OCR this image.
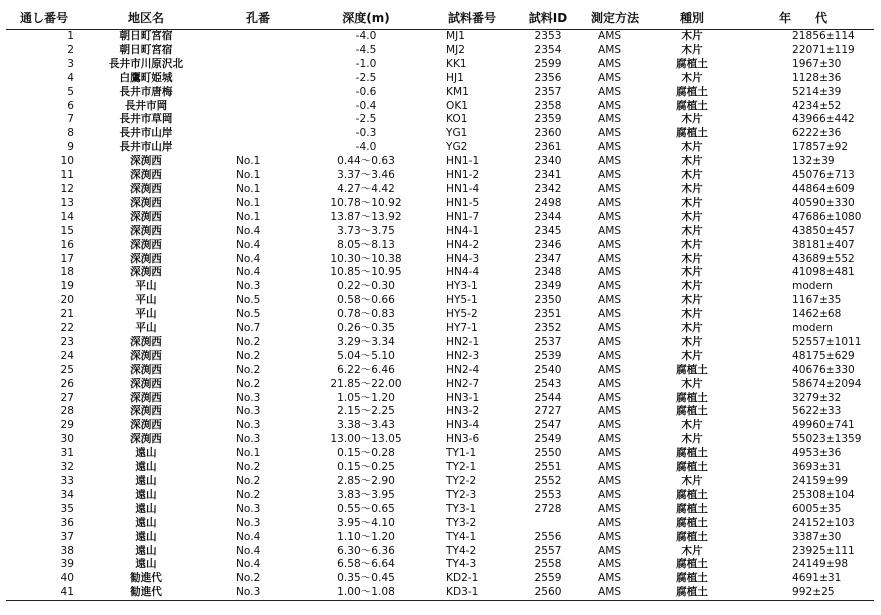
通し番号	地区名	孔番	深度(m)	試料番号	試料ID	測定方法	種別	年　　代
1	朝日町宮宿		-4.0	MJ1	2353	AMS	木片	21856±114
2	朝日町宮宿		-4.5	MJ2	2354	AMS	木片	22071±119
3	長井市川原沢北		-1.0	KK1	2599	AMS	腐植土	1967±30
4	白鷹町姫城		-2.5	HJ1	2356	AMS	木片	1128±36
5	長井市唐梅		-0.6	KM1	2357	AMS	腐植土	5214±39
6	長井市岡		-0.4	OK1	2358	AMS	腐植土	4234±52
7	長井市草岡		-2.5	KO1	2359	AMS	木片	43966±442
8	長井市山岸		-0.3	YG1	2360	AMS	腐植土	6222±36
9	長井市山岸		-4.0	YG2	2361	AMS	木片	17857±92
10	深渕西	No.1	0.44～0.63	HN1-1	2340	AMS	木片	132±39
11	深渕西	No.1	3.37～3.46	HN1-2	2341	AMS	木片	45076±713
12	深渕西	No.1	4.27～4.42	HN1-4	2342	AMS	木片	44864±609
13	深渕西	No.1	10.78～10.92	HN1-5	2498	AMS	木片	40590±330
14	深渕西	No.1	13.87～13.92	HN1-7	2344	AMS	木片	47686±1080
15	深渕西	No.4	3.73～3.75	HN4-1	2345	AMS	木片	43850±457
16	深渕西	No.4	8.05～8.13	HN4-2	2346	AMS	木片	38181±407
17	深渕西	No.4	10.30～10.38	HN4-3	2347	AMS	木片	43689±552
18	深渕西	No.4	10.85～10.95	HN4-4	2348	AMS	木片	41098±481
19	平山	No.3	0.22～0.30	HY3-1	2349	AMS	木片	modern
20	平山	No.5	0.58～0.66	HY5-1	2350	AMS	木片	1167±35
21	平山	No.5	0.78～0.83	HY5-2	2351	AMS	木片	1462±68
22	平山	No.7	0.26～0.35	HY7-1	2352	AMS	木片	modern
23	深渕西	No.2	3.29～3.34	HN2-1	2537	AMS	木片	52557±1011
24	深渕西	No.2	5.04～5.10	HN2-3	2539	AMS	木片	48175±629
25	深渕西	No.2	6.22～6.46	HN2-4	2540	AMS	腐植土	40676±330
26	深渕西	No.2	21.85～22.00	HN2-7	2543	AMS	木片	58674±2094
27	深渕西	No.3	1.05～1.20	HN3-1	2544	AMS	腐植土	3279±32
28	深渕西	No.3	2.15～2.25	HN3-2	2727	AMS	腐植土	5622±33
29	深渕西	No.3	3.38～3.43	HN3-4	2547	AMS	木片	49960±741
30	深渕西	No.3	13.00～13.05	HN3-6	2549	AMS	木片	55023±1359
31	遠山	No.1	0.15～0.28	TY1-1	2550	AMS	腐植土	4953±36
32	遠山	No.2	0.15～0.25	TY2-1	2551	AMS	腐植土	3693±31
33	遠山	No.2	2.85～2.90	TY2-2	2552	AMS	木片	24159±99
34	遠山	No.2	3.83～3.95	TY2-3	2553	AMS	腐植土	25308±104
35	遠山	No.3	0.55～0.65	TY3-1	2728	AMS	腐植土	6005±35
36	遠山	No.3	3.95～4.10	TY3-2		AMS	腐植土	24152±103
37	遠山	No.4	1.10～1.20	TY4-1	2556	AMS	腐植土	3387±30
38	遠山	No.4	6.30～6.36	TY4-2	2557	AMS	木片	23925±111
39	遠山	No.4	6.58～6.64	TY4-3	2558	AMS	腐植土	24149±98
40	勧進代	No.2	0.35～0.45	KD2-1	2559	AMS	腐植土	4691±31
41	勧進代	No.3	1.00～1.08	KD3-1	2560	AMS	腐植土	992±25
